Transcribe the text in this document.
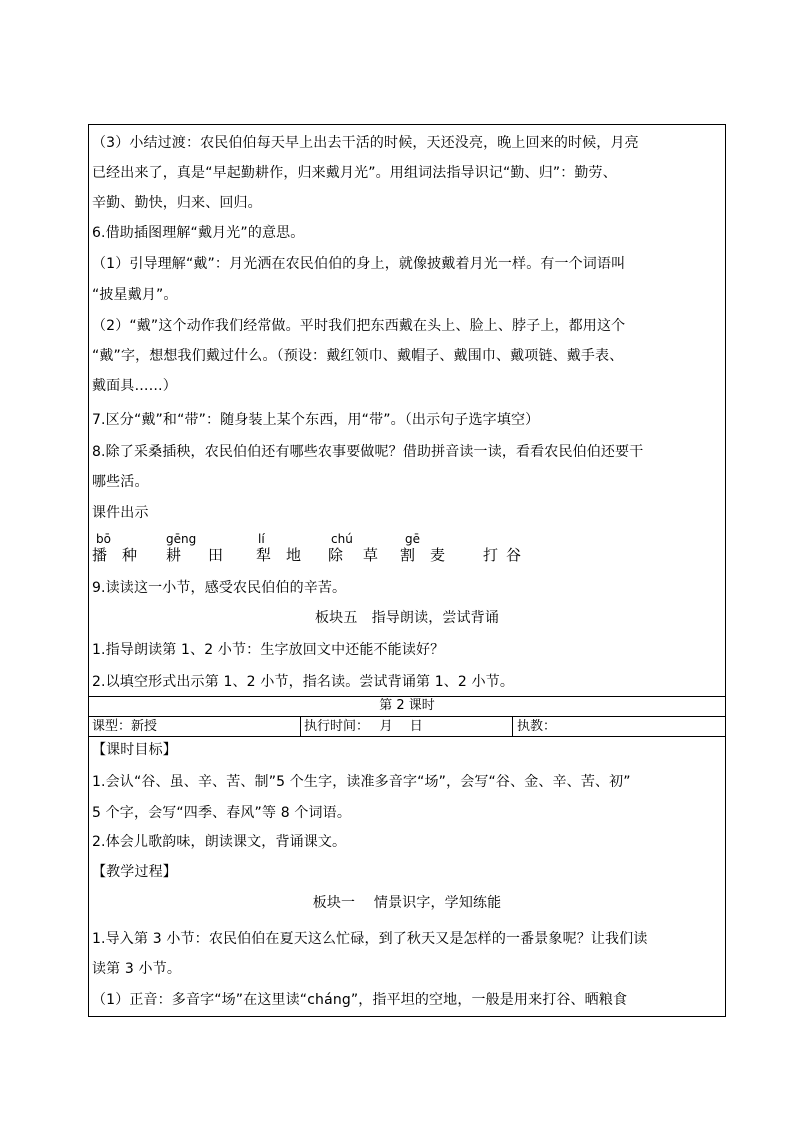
（3）小结过渡：农民伯伯每天早上出去干活的时候，天还没亮，晚上回来的时候，月亮
已经出来了，真是“早起勤耕作，归来戴月光”。用组词法指导识记“勤、归”：勤劳、
辛勤、勤快，归来、回归。
6.借助插图理解“戴月光”的意思。
（1）引导理解“戴”：月光洒在农民伯伯的身上，就像披戴着月光一样。有一个词语叫
“披星戴月”。
（2）“戴”这个动作我们经常做。平时我们把东西戴在头上、脸上、脖子上，都用这个
“戴”字，想想我们戴过什么。（预设：戴红领巾、戴帽子、戴围巾、戴项链、戴手表、
戴面具……）
7.区分“戴”和“带”：随身装上某个东西，用“带”。（出示句子选字填空）
8.除了采桑插秧，农民伯伯还有哪些农事要做呢？借助拼音读一读，看看农民伯伯还要干
哪些活。
课件出示
bō	gēng	lí	chú	gē
播 种 耕 田 犁 地 除 草 割 麦	打 谷
9.读读这一小节，感受农民伯伯的辛苦。
板块五　指导朗读，尝试背诵
1.指导朗读第 1、2 小节：生字放回文中还能不能读好？
2.以填空形式出示第 1、2 小节，指名读。尝试背诵第 1、2 小节。
第 2 课时
课型：新授	执行时间：　 月　 日	执教：
【课时目标】
1.会认“谷、虽、辛、苦、制”5 个生字，读准多音字“场”，会写“谷、金、辛、苦、初”
5 个字，会写“四季、春风”等 8 个词语。
2.体会儿歌韵味，朗读课文，背诵课文。
【教学过程】
板块一　 情景识字，学知练能
1.导入第 3 小节：农民伯伯在夏天这么忙碌，到了秋天又是怎样的一番景象呢？让我们读
读第 3 小节。
（1）正音：多音字“场”在这里读“cháng”，指平坦的空地，一般是用来打谷、晒粮食
